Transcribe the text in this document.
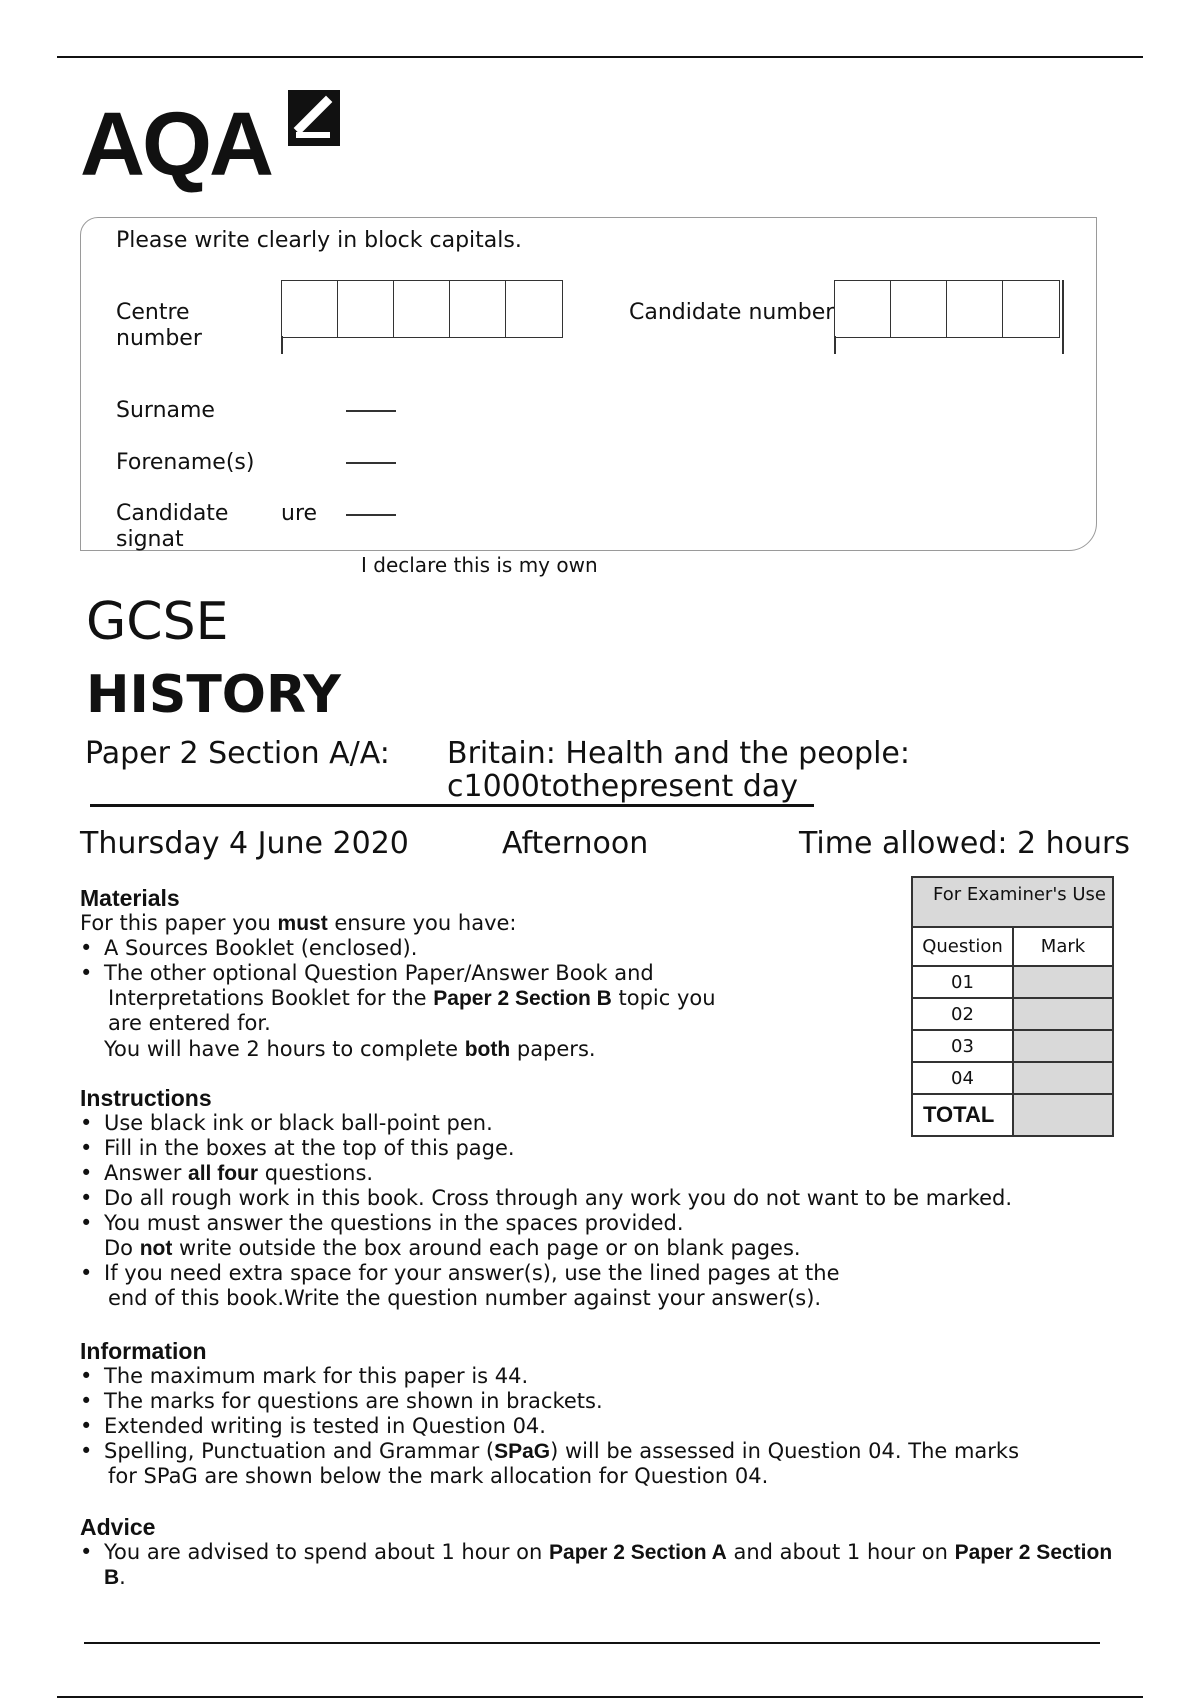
AQA
Please write clearly in block capitals.
Centre
number
Candidate number
Surname
Forename(s)
Candidate
signat
ure
I declare this is my own
GCSE
HISTORY
Paper 2 Section A/A: Britain: Health and the people:
c1000tothepresent day
Thursday 4 June 2020	Afternoon	Time allowed: 2 hours
For Examiner's Use	
Question	Mark
01	
02	
03	
04	
TOTAL	
Materials
For this paper you must ensure you have:
• A Sources Booklet (enclosed).
• The other optional Question Paper/Answer Book and
Interpretations Booklet for the Paper 2 Section B topic you
are entered for.
You will have 2 hours to complete both papers.
Instructions
• Use black ink or black ball-point pen.
• Fill in the boxes at the top of this page.
• Answer all four questions.
• Do all rough work in this book. Cross through any work you do not want to be marked.
• You must answer the questions in the spaces provided.
Do not write outside the box around each page or on blank pages.
• If you need extra space for your answer(s), use the lined pages at the
end of this book.Write the question number against your answer(s).
Information
• The maximum mark for this paper is 44.
• The marks for questions are shown in brackets.
• Extended writing is tested in Question 04.
• Spelling, Punctuation and Grammar (SPaG) will be assessed in Question 04. The marks
for SPaG are shown below the mark allocation for Question 04.
Advice
• You are advised to spend about 1 hour on Paper 2 Section A and about 1 hour on Paper 2 Section
B.
